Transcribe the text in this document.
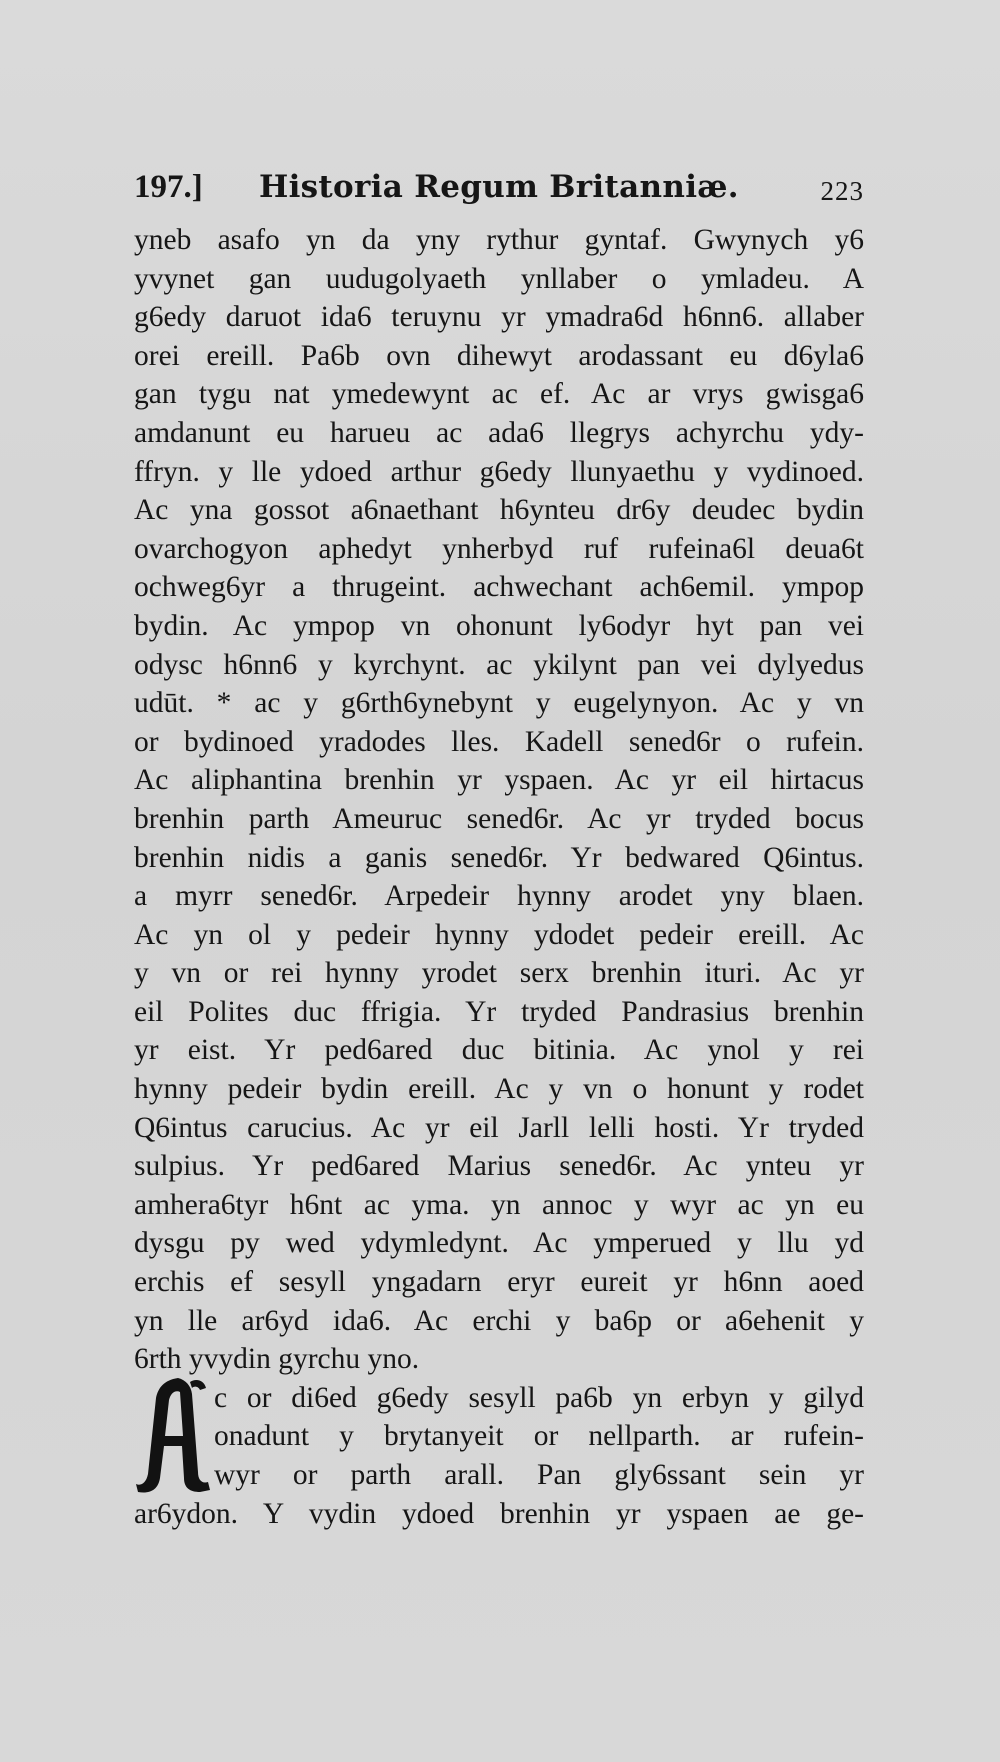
197.] Historia Regum Britanniæ.	223
yneb asafo yn da yny rythur gyntaf. Gwynych y6
yvynet gan uudugolyaeth ynllaber o ymladeu. A
g6edy daruot ida6 teruynu yr ymadra6d h6nn6. allaber
orei ereill. Pa6b ovn dihewyt arodassant eu d6yla6
gan tygu nat ymedewynt ac ef. Ac ar vrys gwisga6
amdanunt eu harueu ac ada6 llegrys achyrchu ydy-
ffryn. y lle ydoed arthur g6edy llunyaethu y vydinoed.
Ac yna gossot a6naethant h6ynteu dr6y deudec bydin
ovarchogyon aphedyt ynherbyd ruf rufeina6l deua6t
ochweg6yr a thrugeint. achwechant ach6emil. ympop
bydin. Ac ympop vn ohonunt ly6odyr hyt pan vei
odysc h6nn6 y kyrchynt. ac ykilynt pan vei dylyedus
udūt. * ac y g6rth6ynebynt y eugelynyon. Ac y vn
or bydinoed yradodes lles. Kadell sened6r o rufein.
Ac aliphantina brenhin yr yspaen. Ac yr eil hirtacus
brenhin parth Ameuruc sened6r. Ac yr tryded bocus
brenhin nidis a ganis sened6r. Yr bedwared Q6intus.
a myrr sened6r. Arpedeir hynny arodet yny blaen.
Ac yn ol y pedeir hynny ydodet pedeir ereill. Ac
y vn or rei hynny yrodet serx brenhin ituri. Ac yr
eil Polites duc ffrigia. Yr tryded Pandrasius brenhin
yr eist. Yr ped6ared duc bitinia. Ac ynol y rei
hynny pedeir bydin ereill. Ac y vn o honunt y rodet
Q6intus carucius. Ac yr eil Jarll lelli hosti. Yr tryded
sulpius. Yr ped6ared Marius sened6r. Ac ynteu yr
amhera6tyr h6nt ac yma. yn annoc y wyr ac yn eu
dysgu py wed ydymledynt. Ac ymperued y llu yd
erchis ef sesyll yngadarn eryr eureit yr h6nn aoed
yn lle ar6yd ida6. Ac erchi y ba6p or a6ehenit y
6rth yvydin gyrchu yno.
c or di6ed g6edy sesyll pa6b yn erbyn y gilyd
onadunt y brytanyeit or nellparth. ar rufein-
wyr or parth arall. Pan gly6ssant sein yr
ar6ydon. Y vydin ydoed brenhin yr yspaen ae ge-
